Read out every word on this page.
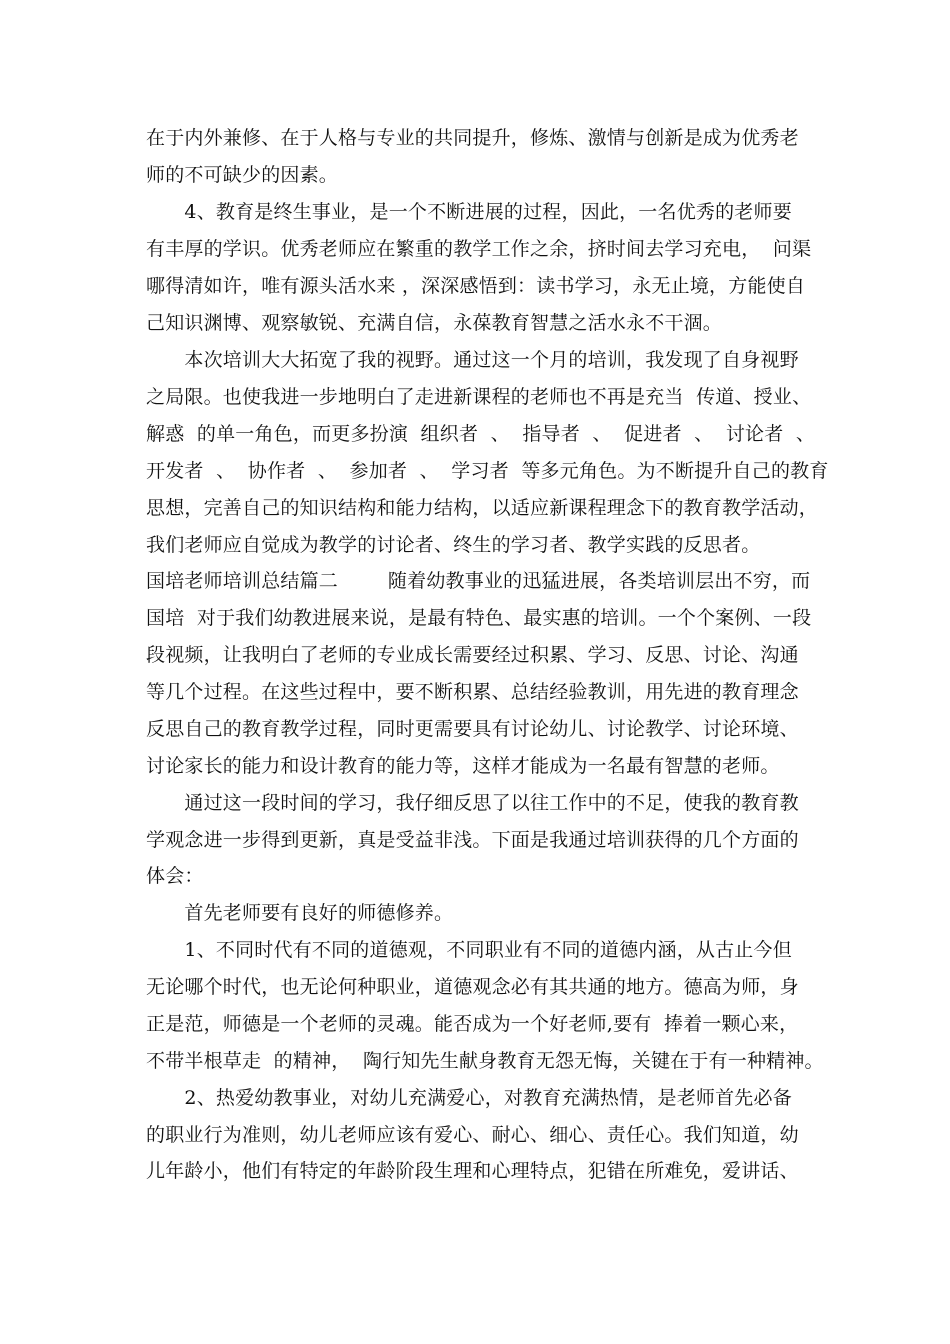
在于内外兼修、在于人格与专业的共同提升，修炼、激情与创新是成为优秀老
师的不可缺少的因素。
　　4、教育是终生事业，是一个不断进展的过程，因此，一名优秀的老师要
有丰厚的学识。优秀老师应在繁重的教学工作之余，挤时间去学习充电，  问渠
哪得清如许，唯有源头活水来 ，深深感悟到：读书学习，永无止境，方能使自
己知识渊博、观察敏锐、充满自信，永葆教育智慧之活水永不干涸。
　　本次培训大大拓宽了我的视野。通过这一个月的培训，我发现了自身视野
之局限。也使我进一步地明白了走进新课程的老师也不再是充当  传道、授业、
解惑  的单一角色，而更多扮演  组织者  、  指导者  、  促进者  、  讨论者  、
开发者  、  协作者  、  参加者  、  学习者  等多元角色。为不断提升自己的教育
思想，完善自己的知识结构和能力结构，以适应新课程理念下的教育教学活动，
我们老师应自觉成为教学的讨论者、终生的学习者、教学实践的反思者。
国培老师培训总结篇二        随着幼教事业的迅猛进展，各类培训层出不穷，而
国培  对于我们幼教进展来说，是最有特色、最实惠的培训。一个个案例、一段
段视频，让我明白了老师的专业成长需要经过积累、学习、反思、讨论、沟通
等几个过程。在这些过程中，要不断积累、总结经验教训，用先进的教育理念
反思自己的教育教学过程，同时更需要具有讨论幼儿、讨论教学、讨论环境、
讨论家长的能力和设计教育的能力等，这样才能成为一名最有智慧的老师。
　　通过这一段时间的学习，我仔细反思了以往工作中的不足，使我的教育教
学观念进一步得到更新，真是受益非浅。下面是我通过培训获得的几个方面的
体会：
　　首先老师要有良好的师德修养。
　　1、不同时代有不同的道德观，不同职业有不同的道德内涵，从古止今但
无论哪个时代，也无论何种职业，道德观念必有其共通的地方。德高为师，身
正是范，师德是一个老师的灵魂。能否成为一个好老师,要有  捧着一颗心来，
不带半根草走  的精神，  陶行知先生献身教育无怨无悔，关键在于有一种精神。
　　2、热爱幼教事业，对幼儿充满爱心，对教育充满热情，是老师首先必备
的职业行为准则，幼儿老师应该有爱心、耐心、细心、责任心。我们知道，幼
儿年龄小，他们有特定的年龄阶段生理和心理特点，犯错在所难免，爱讲话、
